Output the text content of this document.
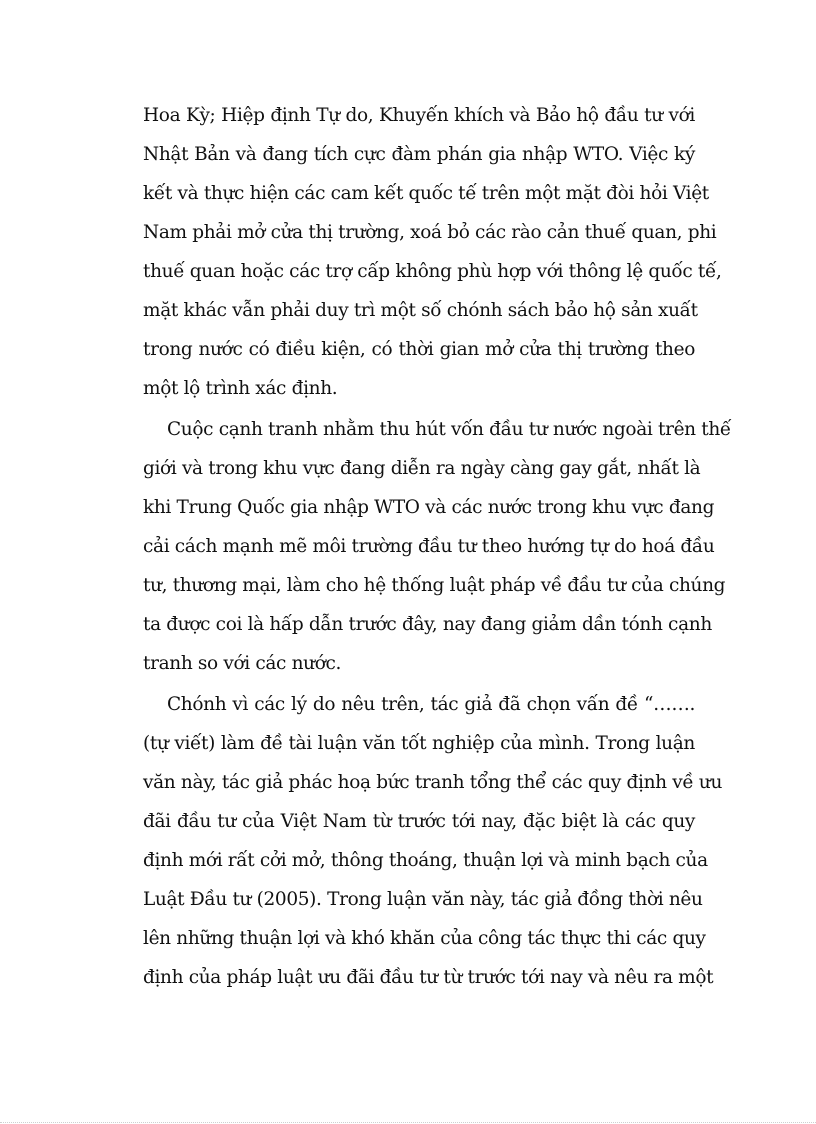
Hoa Kỳ; Hiệp định Tự do, Khuyến khích và Bảo hộ đầu tư với
Nhật Bản và đang tích cực đàm phán gia nhập WTO. Việc ký
kết và thực hiện các cam kết quốc tế trên một mặt đòi hỏi Việt
Nam phải mở cửa thị trường, xoá bỏ các rào cản thuế quan, phi
thuế quan hoặc các trợ cấp không phù hợp với thông lệ quốc tế,
mặt khác vẫn phải duy trì một số chónh sách bảo hộ sản xuất
trong nước có điều kiện, có thời gian mở cửa thị trường theo
một lộ trình xác định.
Cuộc cạnh tranh nhằm thu hút vốn đầu tư nước ngoài trên thế
giới và trong khu vực đang diễn ra ngày càng gay gắt, nhất là
khi Trung Quốc gia nhập WTO và các nước trong khu vực đang
cải cách mạnh mẽ môi trường đầu tư theo hướng tự do hoá đầu
tư, thương mại, làm cho hệ thống luật pháp về đầu tư của chúng
ta được coi là hấp dẫn trước đây, nay đang giảm dần tónh cạnh
tranh so với các nước.
Chónh vì các lý do nêu trên, tác giả đã chọn vấn đề “…….
(tự viết) làm đề tài luận văn tốt nghiệp của mình. Trong luận
văn này, tác giả phác hoạ bức tranh tổng thể các quy định về ưu
đãi đầu tư của Việt Nam từ trước tới nay, đặc biệt là các quy
định mới rất cởi mở, thông thoáng, thuận lợi và minh bạch của
Luật Đầu tư (2005). Trong luận văn này, tác giả đồng thời nêu
lên những thuận lợi và khó khăn của công tác thực thi các quy
định của pháp luật ưu đãi đầu tư từ trước tới nay và nêu ra một
